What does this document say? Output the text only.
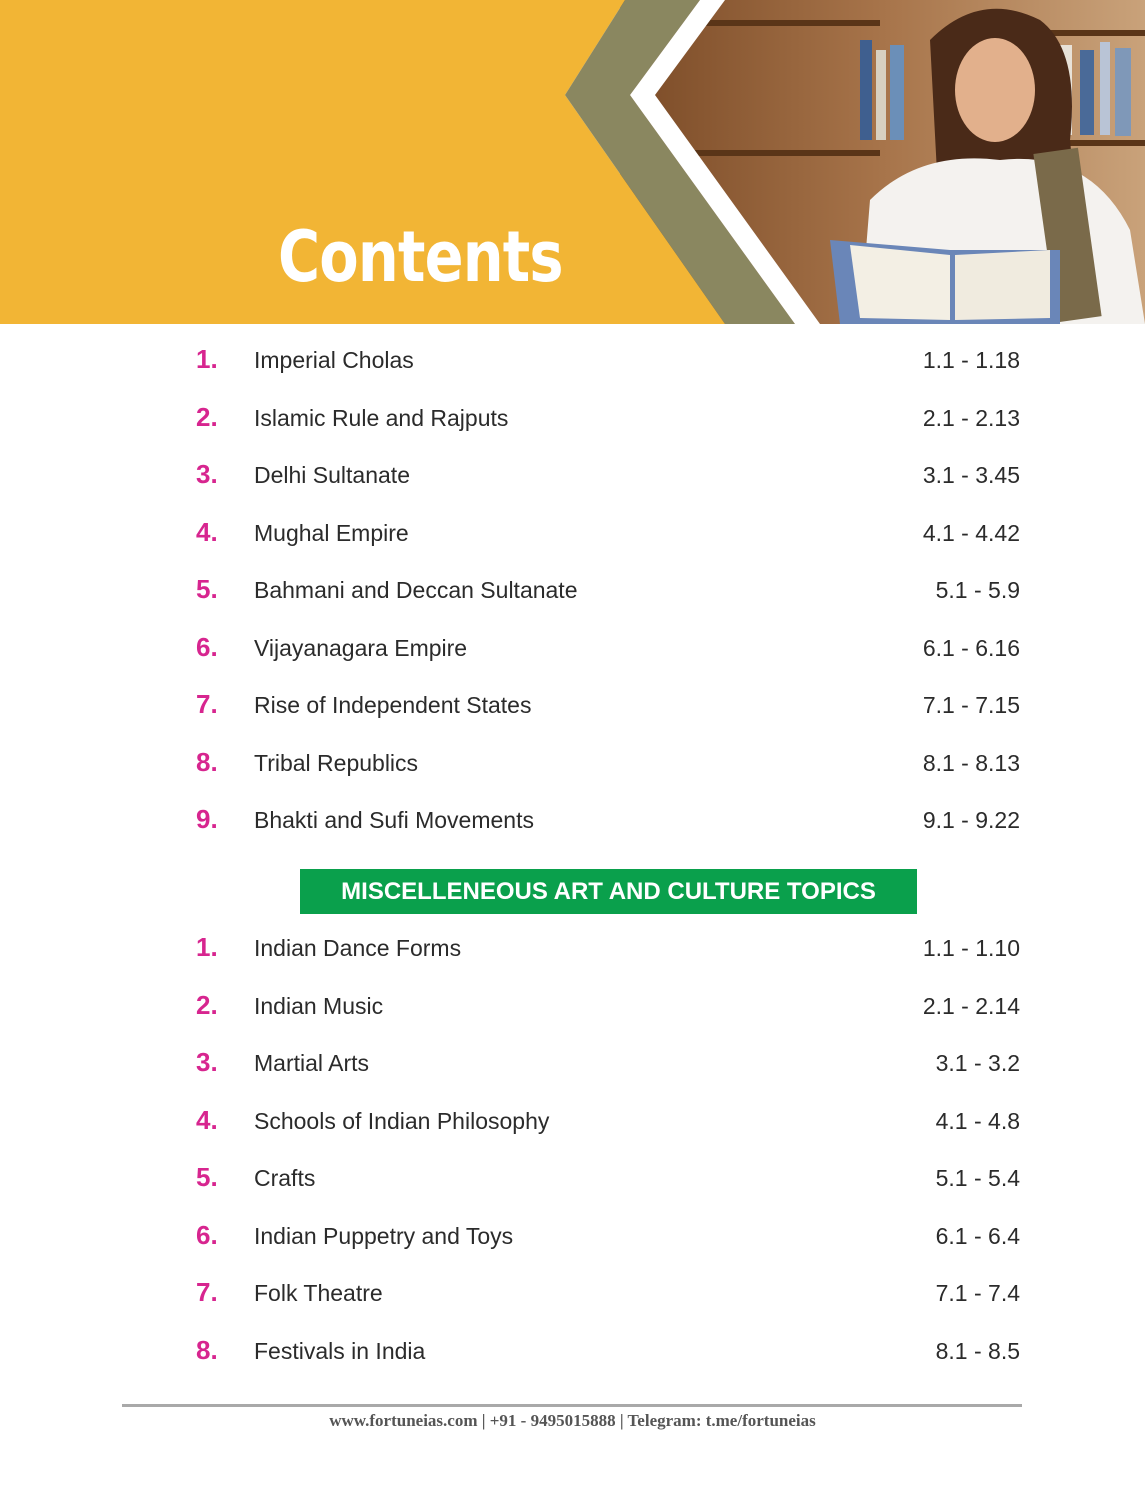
Contents
1. Imperial Cholas	1.1 - 1.18
2. Islamic Rule and Rajputs	2.1 - 2.13
3. Delhi Sultanate	3.1 - 3.45
4. Mughal Empire	4.1 - 4.42
5. Bahmani and Deccan Sultanate	5.1 - 5.9
6. Vijayanagara Empire	6.1 - 6.16
7. Rise of Independent States	7.1 - 7.15
8. Tribal Republics	8.1 - 8.13
9. Bhakti and Sufi Movements	9.1 - 9.22
MISCELLENEOUS ART AND CULTURE TOPICS
1. Indian Dance Forms	1.1 - 1.10
2. Indian Music	2.1 - 2.14
3. Martial Arts	3.1 - 3.2
4. Schools of Indian Philosophy	4.1 - 4.8
5. Crafts	5.1 - 5.4
6. Indian Puppetry and Toys	6.1 - 6.4
7. Folk Theatre	7.1 - 7.4
8. Festivals in India	8.1 - 8.5
www.fortuneias.com | +91 - 9495015888 | Telegram: t.me/fortuneias
